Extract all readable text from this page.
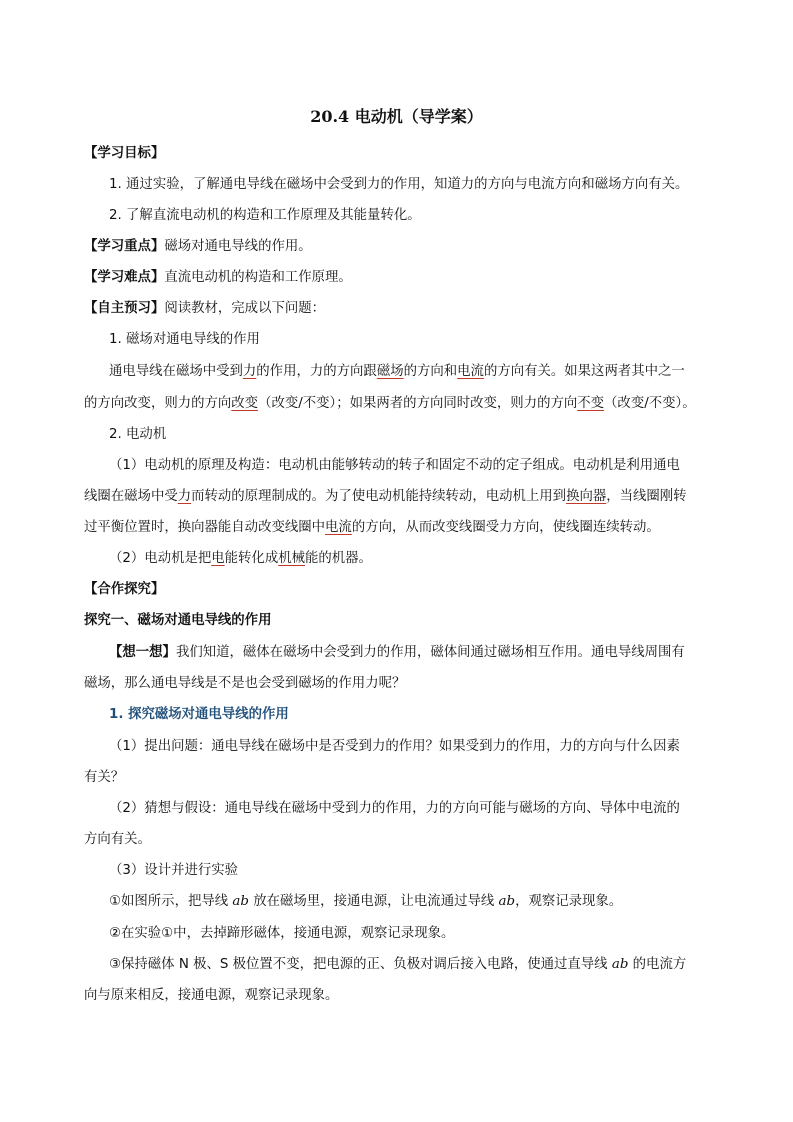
20.4 电动机（导学案）
【学习目标】
1. 通过实验，了解通电导线在磁场中会受到力的作用，知道力的方向与电流方向和磁场方向有关。
2. 了解直流电动机的构造和工作原理及其能量转化。
【学习重点】磁场对通电导线的作用。
【学习难点】直流电动机的构造和工作原理。
【自主预习】阅读教材，完成以下问题：
1. 磁场对通电导线的作用
通电导线在磁场中受到力的作用，力的方向跟磁场的方向和电流的方向有关。如果这两者其中之一
的方向改变，则力的方向改变（改变/不变）；如果两者的方向同时改变，则力的方向不变（改变/不变）。
2. 电动机
（1）电动机的原理及构造：电动机由能够转动的转子和固定不动的定子组成。电动机是利用通电
线圈在磁场中受力而转动的原理制成的。为了使电动机能持续转动，电动机上用到换向器，当线圈刚转
过平衡位置时，换向器能自动改变线圈中电流的方向，从而改变线圈受力方向，使线圈连续转动。
（2）电动机是把电能转化成机械能的机器。
【合作探究】
探究一、磁场对通电导线的作用
【想一想】我们知道，磁体在磁场中会受到力的作用，磁体间通过磁场相互作用。通电导线周围有
磁场，那么通电导线是不是也会受到磁场的作用力呢？
1. 探究磁场对通电导线的作用
（1）提出问题：通电导线在磁场中是否受到力的作用？如果受到力的作用，力的方向与什么因素
有关？
（2）猜想与假设：通电导线在磁场中受到力的作用，力的方向可能与磁场的方向、导体中电流的
方向有关。
（3）设计并进行实验
①如图所示，把导线 ab 放在磁场里，接通电源，让电流通过导线 ab，观察记录现象。
②在实验①中，去掉蹄形磁体，接通电源，观察记录现象。
③保持磁体 N 极、S 极位置不变，把电源的正、负极对调后接入电路，使通过直导线 ab 的电流方
向与原来相反，接通电源，观察记录现象。
